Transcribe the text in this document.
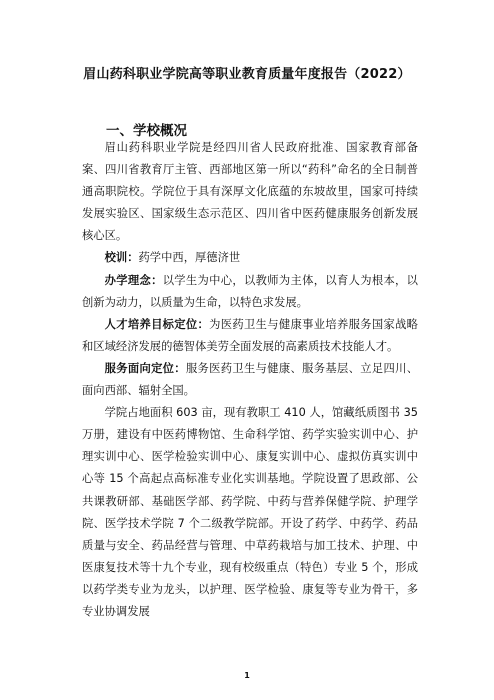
眉山药科职业学院高等职业教育质量年度报告（2022）
一、学校概况

眉山药科职业学院是经四川省人民政府批准、国家教育部备案、四川省教育厅主管、西部地区第一所以“药科”命名的全日制普通高职院校。学院位于具有深厚文化底蕴的东坡故里，国家可持续发展实验区、国家级生态示范区、四川省中医药健康服务创新发展核心区。

校训：药学中西，厚德济世

办学理念：以学生为中心，以教师为主体，以育人为根本，以创新为动力，以质量为生命，以特色求发展。

人才培养目标定位：为医药卫生与健康事业培养服务国家战略和区域经济发展的德智体美劳全面发展的高素质技术技能人才。

服务面向定位：服务医药卫生与健康、服务基层、立足四川、面向西部、辐射全国。

学院占地面积 603 亩，现有教职工 410 人，馆藏纸质图书 35 万册，建设有中医药博物馆、生命科学馆、药学实验实训中心、护理实训中心、医学检验实训中心、康复实训中心、虚拟仿真实训中心等 15 个高起点高标准专业化实训基地。学院设置了思政部、公共课教研部、基础医学部、药学院、中药与营养保健学院、护理学院、医学技术学院 7 个二级教学院部。开设了药学、中药学、药品质量与安全、药品经营与管理、中草药栽培与加工技术、护理、中医康复技术等十九个专业，现有校级重点（特色）专业 5 个，形成以药学类专业为龙头，以护理、医学检验、康复等专业为骨干，多专业协调发展

1
